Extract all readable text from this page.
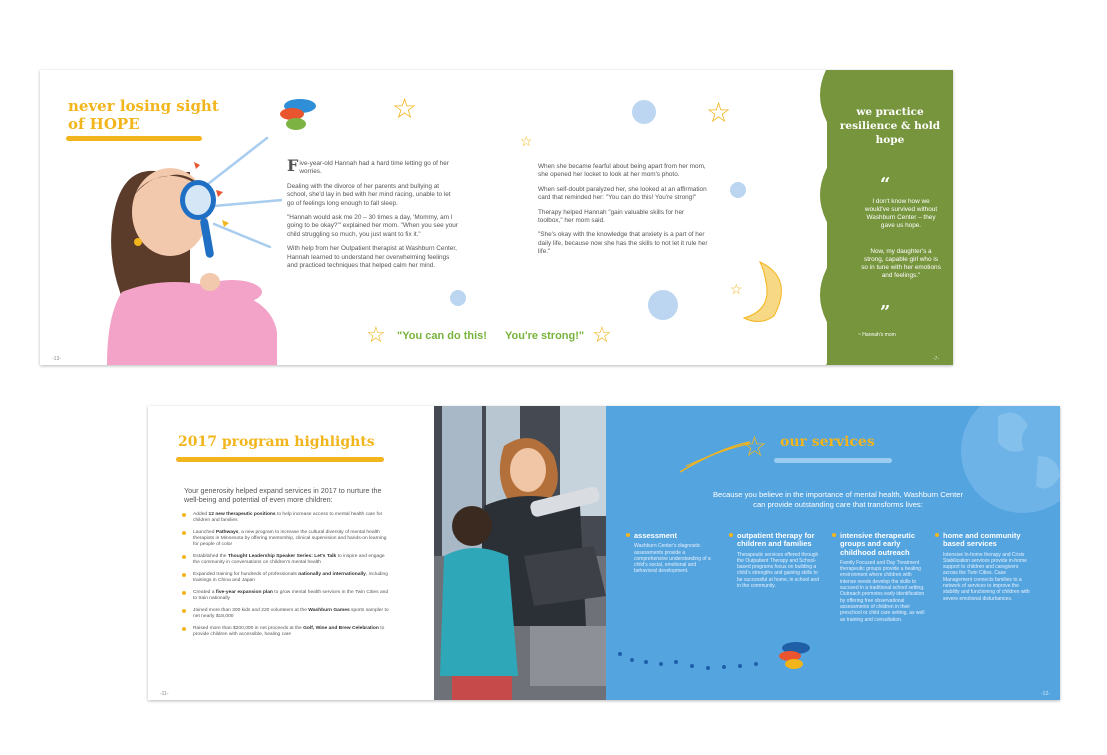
never losing sight
of HOPE	☆
☆
☆
☆
☆	☆

Five-year-old Hannah had a hard time letting go of her worries.

Dealing with the divorce of her parents and bullying at school, she'd lay in bed with her mind racing, unable to let go of feelings long enough to fall sleep.

"Hannah would ask me 20 – 30 times a day, 'Mommy, am I going to be okay?'" explained her mom. "When you see your child struggling so much, you just want to fix it."

With help from her Outpatient therapist at Washburn Center, Hannah learned to understand her overwhelming feelings and practiced techniques that helped calm her mind.

When she became fearful about being apart from her mom, she opened her locket to look at her mom's photo.

When self-doubt paralyzed her, she looked at an affirmation card that reminded her: "You can do this! You're strong!"

Therapy helped Hannah "gain valuable skills for her toolbox," her mom said.

"She's okay with the knowledge that anxiety is a part of her daily life, because now she has the skills to not let it rule her life."

"You can do this! You're strong!"
we practice resilience & hold hope
“
I don't know how we would've survived without Washburn Center – they gave us hope.
Now, my daughter's a strong, capable girl who is so in tune with her emotions and feelings."
”
~ Hannah's mom
-13-	-7-
2017 program highlights
Your generosity helped expand services in 2017 to nurture the well-being and potential of even more children:
Added 12 new therapeutic positions to help increase access to mental health care for children and families
Launched Pathways, a new program to increase the cultural diversity of mental health therapists in Minnesota by offering mentorship, clinical supervision and hands-on learning for people of color
Established the Thought Leadership Speaker Series: Let's Talk to inspire and engage the community in conversations on children's mental health
Expanded training for hundreds of professionals nationally and internationally, including trainings in China and Japan
Created a five-year expansion plan to grow mental health services in the Twin Cities and to train nationally
Joined more than 300 kids and 220 volunteers at the Washburn Games sports sampler to net nearly $18,000
Raised more than $200,000 in net proceeds at the Golf, Wine and Brew Celebration to provide children with accessible, healing care
☆ our services
Because you believe in the importance of mental health, Washburn Center can provide outstanding care that transforms lives:
assessment

Washburn Center's diagnostic assessments provide a comprehensive understanding of a child's social, emotional and behavioral development.

outpatient therapy for children and families

Therapeutic services offered through the Outpatient Therapy and School-based programs focus on building a child's strengths and gaining skills to be successful at home, in school and in the community.

intensive therapeutic groups and early childhood outreach

Family Focused and Day Treatment therapeutic groups provide a healing environment where children with intense needs develop the skills to succeed in a traditional school setting. Outreach promotes early identification by offering free observational assessments of children in their preschool or child care setting, as well as training and consultation.

home and community based services

Intensive In-home therapy and Crisis Stabilization services provide in-home support to children and caregivers across the Twin Cities. Case Management connects families to a network of services to improve the stability and functioning of children with severe emotional disturbances.

-11-	-12-
